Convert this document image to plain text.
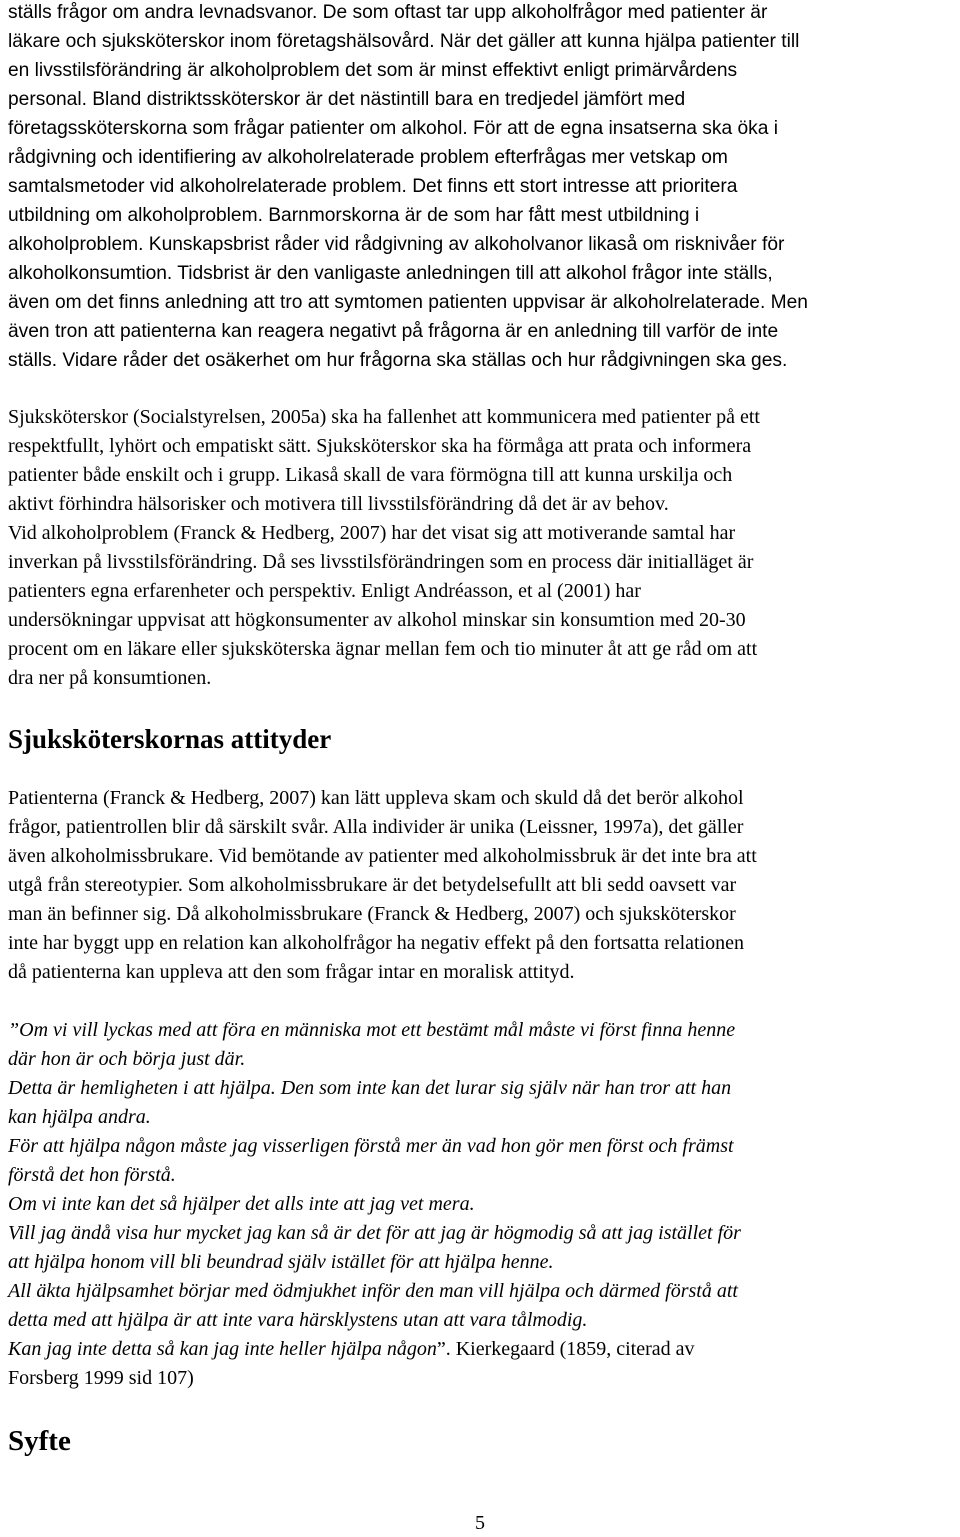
ställs frågor om andra levnadsvanor. De som oftast tar upp alkoholfrågor med patienter är
läkare och sjuksköterskor inom företagshälsovård. När det gäller att kunna hjälpa patienter till
en livsstilsförändring är alkoholproblem det som är minst effektivt enligt primärvårdens
personal. Bland distriktssköterskor är det nästintill bara en tredjedel jämfört med
företagssköterskorna som frågar patienter om alkohol. För att de egna insatserna ska öka i
rådgivning och identifiering av alkoholrelaterade problem efterfrågas mer vetskap om
samtalsmetoder vid alkoholrelaterade problem. Det finns ett stort intresse att prioritera
utbildning om alkoholproblem. Barnmorskorna är de som har fått mest utbildning i
alkoholproblem. Kunskapsbrist råder vid rådgivning av alkoholvanor likaså om risknivåer för
alkoholkonsumtion. Tidsbrist är den vanligaste anledningen till att alkohol frågor inte ställs,
även om det finns anledning att tro att symtomen patienten uppvisar är alkoholrelaterade. Men
även tron att patienterna kan reagera negativt på frågorna är en anledning till varför de inte
ställs. Vidare råder det osäkerhet om hur frågorna ska ställas och hur rådgivningen ska ges.
Sjuksköterskor (Socialstyrelsen, 2005a) ska ha fallenhet att kommunicera med patienter på ett
respektfullt, lyhört och empatiskt sätt. Sjuksköterskor ska ha förmåga att prata och informera
patienter både enskilt och i grupp. Likaså skall de vara förmögna till att kunna urskilja och
aktivt förhindra hälsorisker och motivera till livsstilsförändring då det är av behov.
Vid alkoholproblem (Franck & Hedberg, 2007) har det visat sig att motiverande samtal har
inverkan på livsstilsförändring. Då ses livsstilsförändringen som en process där initialläget är
patienters egna erfarenheter och perspektiv. Enligt Andréasson, et al (2001) har
undersökningar uppvisat att högkonsumenter av alkohol minskar sin konsumtion med 20-30
procent om en läkare eller sjuksköterska ägnar mellan fem och tio minuter åt att ge råd om att
dra ner på konsumtionen.
Sjuksköterskornas attityder
Patienterna (Franck & Hedberg, 2007) kan lätt uppleva skam och skuld då det berör alkohol
frågor, patientrollen blir då särskilt svår. Alla individer är unika (Leissner, 1997a), det gäller
även alkoholmissbrukare. Vid bemötande av patienter med alkoholmissbruk är det inte bra att
utgå från stereotypier. Som alkoholmissbrukare är det betydelsefullt att bli sedd oavsett var
man än befinner sig. Då alkoholmissbrukare (Franck & Hedberg, 2007) och sjuksköterskor
inte har byggt upp en relation kan alkoholfrågor ha negativ effekt på den fortsatta relationen
då patienterna kan uppleva att den som frågar intar en moralisk attityd.
”Om vi vill lyckas med att föra en människa mot ett bestämt mål måste vi först finna henne
där hon är och börja just där.
Detta är hemligheten i att hjälpa. Den som inte kan det lurar sig själv när han tror att han
kan hjälpa andra.
För att hjälpa någon måste jag visserligen förstå mer än vad hon gör men först och främst
förstå det hon förstå.
Om vi inte kan det så hjälper det alls inte att jag vet mera.
Vill jag ändå visa hur mycket jag kan så är det för att jag är högmodig så att jag istället för
att hjälpa honom vill bli beundrad själv istället för att hjälpa henne.
All äkta hjälpsamhet börjar med ödmjukhet inför den man vill hjälpa och därmed förstå att
detta med att hjälpa är att inte vara härsklystens utan att vara tålmodig.
Kan jag inte detta så kan jag inte heller hjälpa någon”. Kierkegaard (1859, citerad av
Forsberg 1999 sid 107)
Syfte
5
